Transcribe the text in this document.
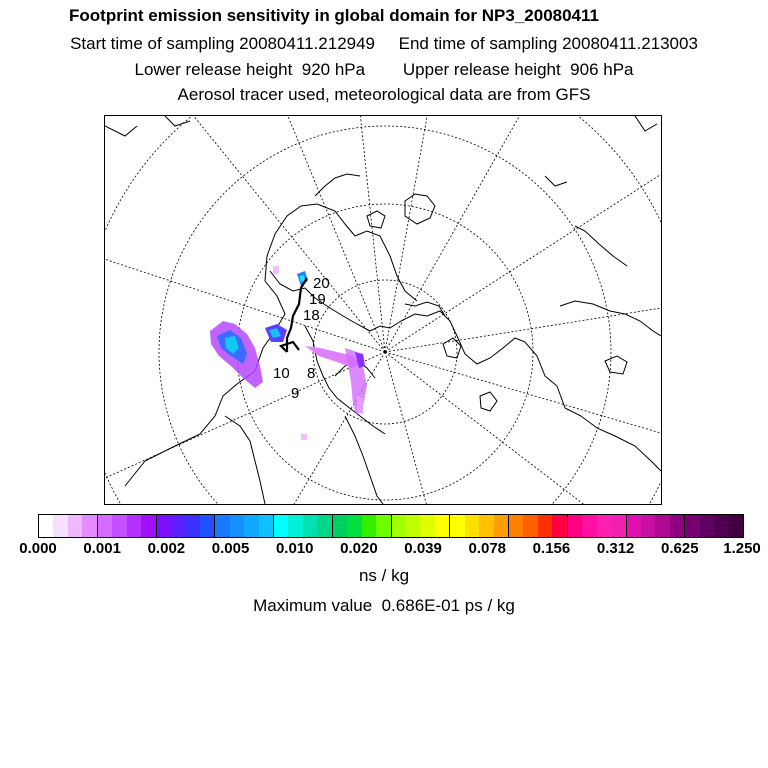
Footprint emission sensitivity in global domain for NP3_20080411
Start time of sampling 20080411.212949     End time of sampling 20080411.213003
Lower release height  920 hPa        Upper release height  906 hPa
Aerosol tracer used, meteorological data are from GFS
20
19
18
10 8
9
0.000 0.001 0.002 0.005 0.010 0.020 0.039 0.078 0.156 0.312 0.625 1.250
ns / kg
Maximum value  0.686E-01 ps / kg
